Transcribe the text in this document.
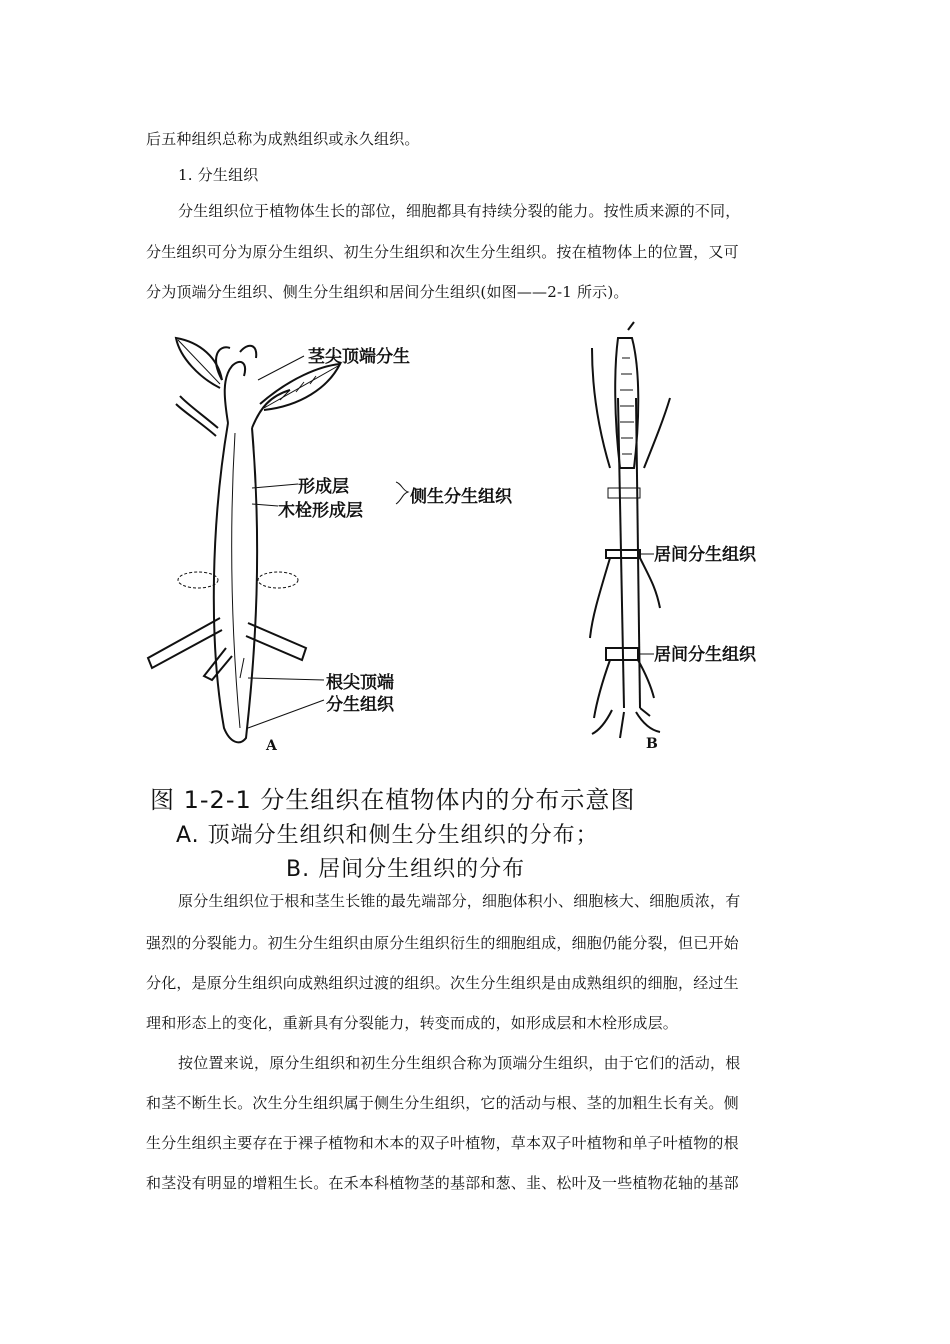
后五种组织总称为成熟组织或永久组织。
1. 分生组织
分生组织位于植物体生长的部位，细胞都具有持续分裂的能力。按性质来源的不同，
分生组织可分为原分生组织、初生分生组织和次生分生组织。按在植物体上的位置，又可
分为顶端分生组织、侧生分生组织和居间分生组织(如图——2-1 所示)。
茎尖顶端分生
形成层
木栓形成层
侧生分生组织
根尖顶端
分生组织
A
居间分生组织
居间分生组织
B
图 1-2-1 分生组织在植物体内的分布示意图
A. 顶端分生组织和侧生分生组织的分布；
B. 居间分生组织的分布
原分生组织位于根和茎生长锥的最先端部分，细胞体积小、细胞核大、细胞质浓，有
强烈的分裂能力。初生分生组织由原分生组织衍生的细胞组成，细胞仍能分裂，但已开始
分化，是原分生组织向成熟组织过渡的组织。次生分生组织是由成熟组织的细胞，经过生
理和形态上的变化，重新具有分裂能力，转变而成的，如形成层和木栓形成层。
按位置来说，原分生组织和初生分生组织合称为顶端分生组织，由于它们的活动，根
和茎不断生长。次生分生组织属于侧生分生组织，它的活动与根、茎的加粗生长有关。侧
生分生组织主要存在于裸子植物和木本的双子叶植物，草本双子叶植物和单子叶植物的根
和茎没有明显的增粗生长。在禾本科植物茎的基部和葱、韭、松叶及一些植物花轴的基部
